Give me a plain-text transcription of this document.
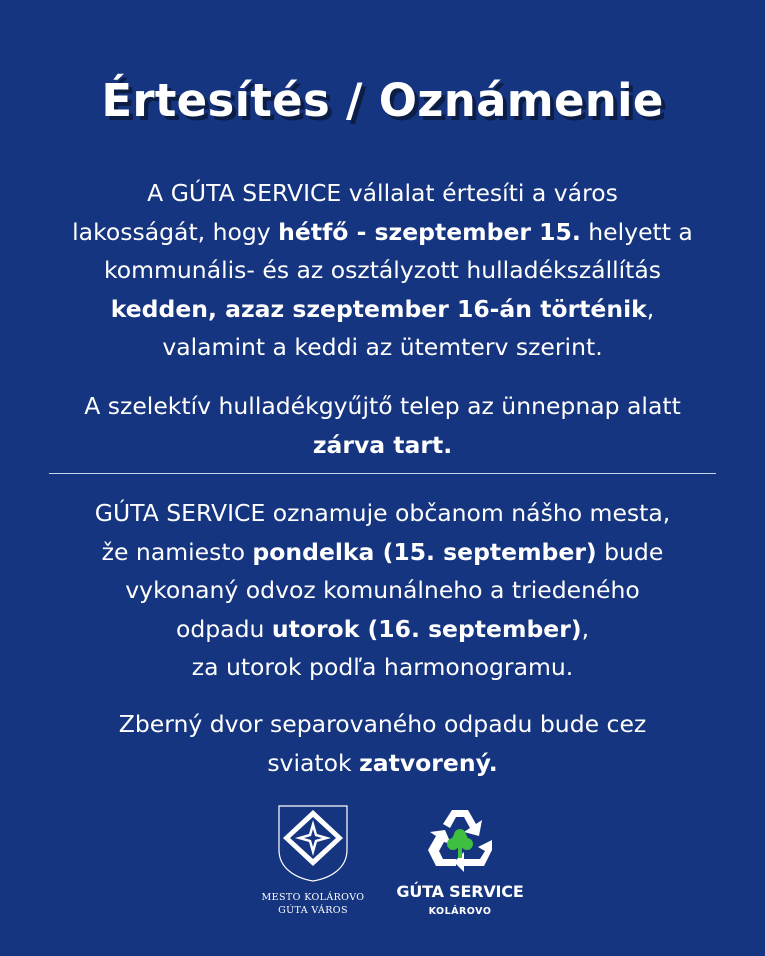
Értesítés / Oznámenie
A GÚTA SERVICE vállalat értesíti a város
lakosságát, hogy hétfő - szeptember 15. helyett a
kommunális- és az osztályzott hulladékszállítás
kedden, azaz szeptember 16-án történik,
valamint a keddi az ütemterv szerint.
A szelektív hulladékgyűjtő telep az ünnepnap alatt
zárva tart.
GÚTA SERVICE oznamuje občanom nášho mesta,
že namiesto pondelka (15. september) bude
vykonaný odvoz komunálneho a triedeného
odpadu utorok (16. september),
za utorok podľa harmonogramu.
Zberný dvor separovaného odpadu bude cez
sviatok zatvorený.
MESTO KOLÁROVO
GÚTA VÁROS
GÚTA SERVICE
KOLÁROVO
